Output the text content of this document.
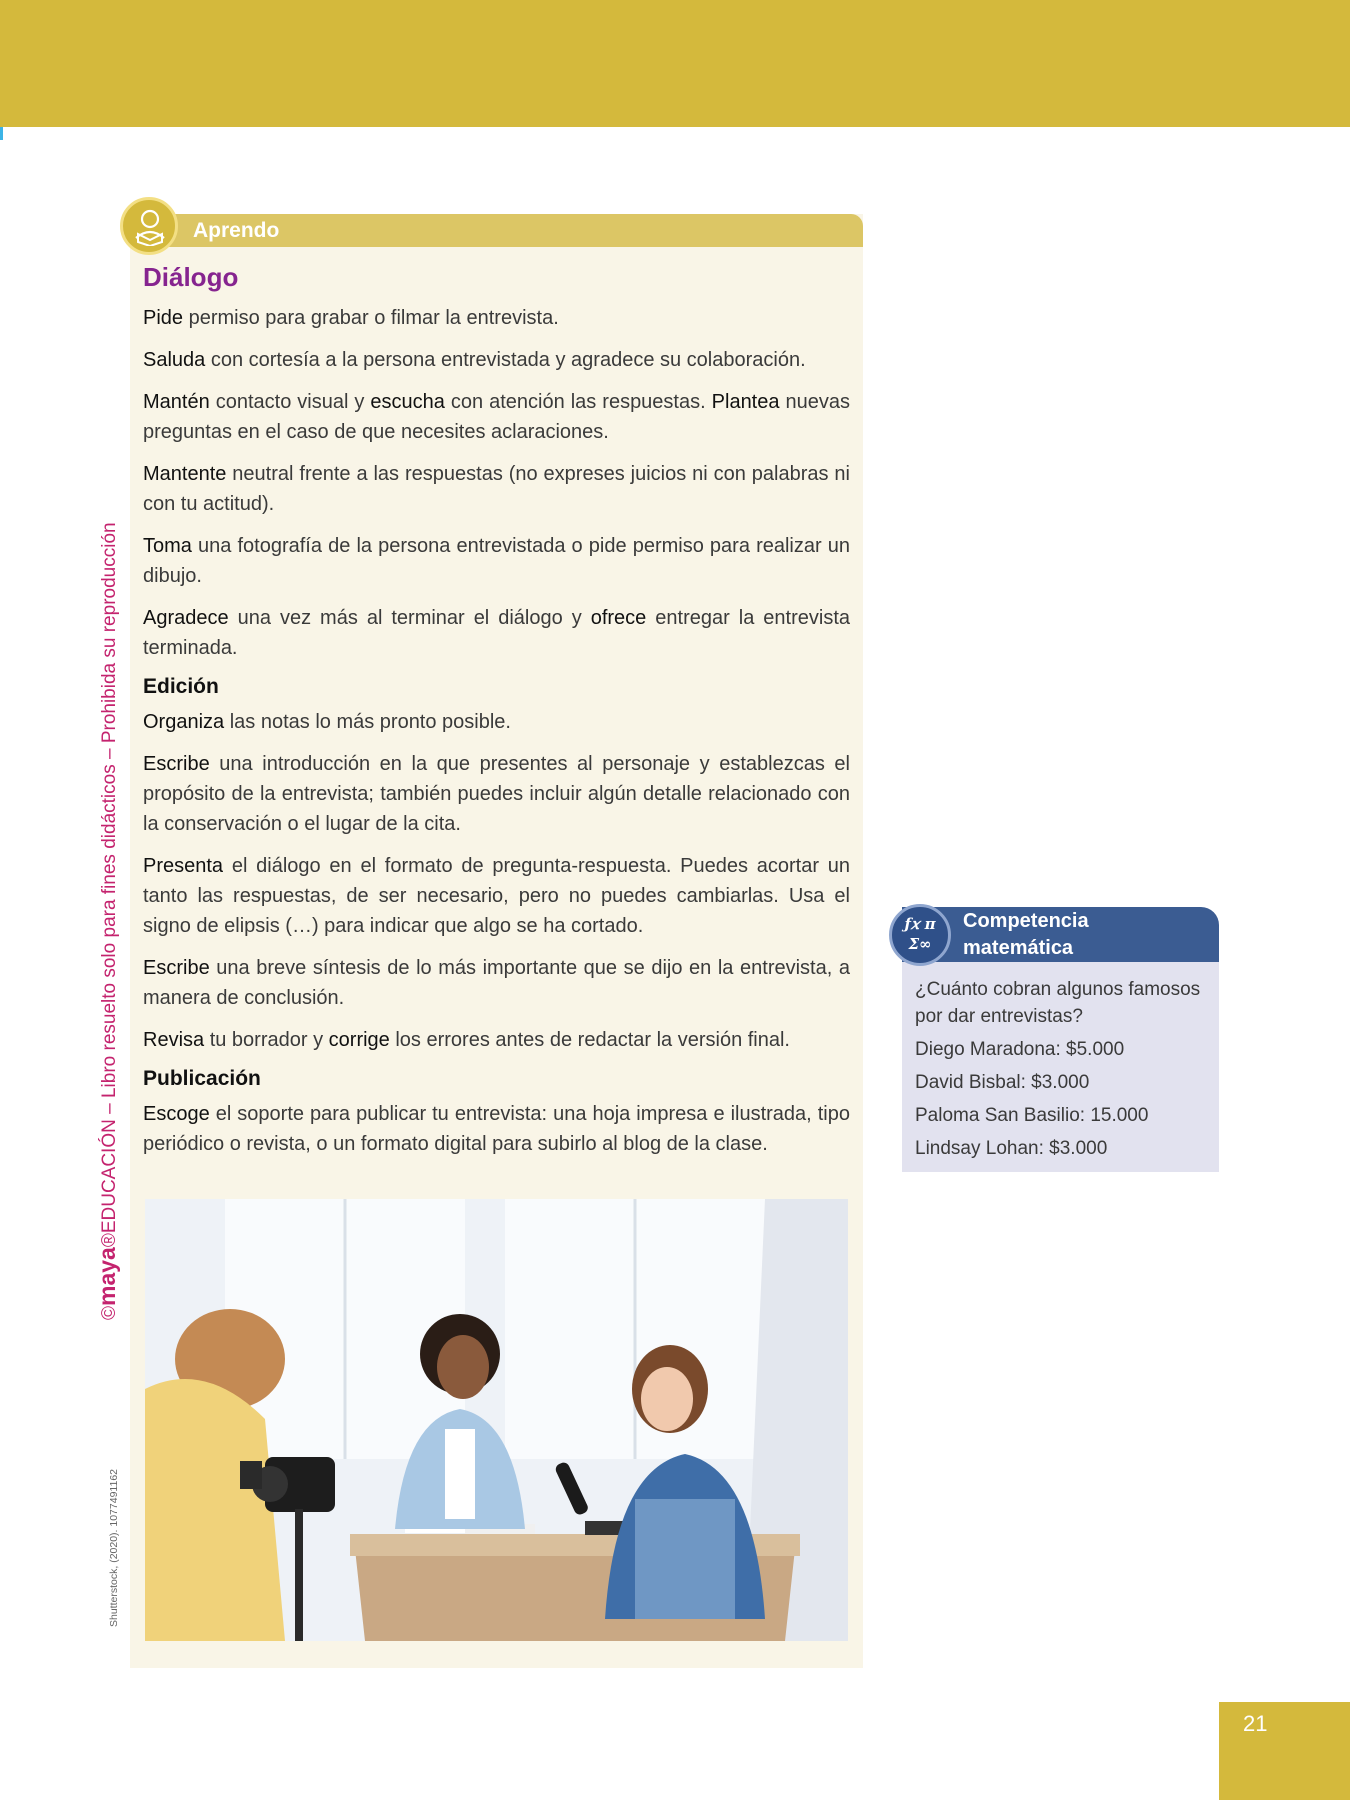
©maya®EDUCACIÓN – Libro resuelto solo para fines didácticos – Prohibida su reproducción
Shutterstock, (2020). 1077491162
Aprendo
Diálogo

Pide permiso para grabar o filmar la entrevista.

Saluda con cortesía a la persona entrevistada y agradece su colaboración.

Mantén contacto visual y escucha con atención las respuestas. Plantea nuevas preguntas en el caso de que necesites aclaraciones.

Mantente neutral frente a las respuestas (no expreses juicios ni con palabras ni con tu actitud).

Toma una fotografía de la persona entrevistada o pide permiso para realizar un dibujo.

Agradece una vez más al terminar el diálogo y ofrece entregar la entrevista terminada.

Edición

Organiza las notas lo más pronto posible.

Escribe una introducción en la que presentes al personaje y establezcas el propósito de la entrevista; también puedes incluir algún detalle relacionado con la conservación o el lugar de la cita.

Presenta el diálogo en el formato de pregunta-respuesta. Puedes acortar un tanto las respuestas, de ser necesario, pero no puedes cambiarlas. Usa el signo de elipsis (…) para indicar que algo se ha cortado.

Escribe una breve síntesis de lo más importante que se dijo en la entrevista, a manera de conclusión.

Revisa tu borrador y corrige los errores antes de redactar la versión final.

Publicación

Escoge el soporte para publicar tu entrevista: una hoja impresa e ilustrada, tipo periódico o revista, o un formato digital para subirlo al blog de la clase.

ƒ𝑥 π
Σ∞
Competencia matemática

¿Cuánto cobran algunos famosos por dar entrevistas?

Diego Maradona: $5.000

David Bisbal: $3.000

Paloma San Basilio: 15.000

Lindsay Lohan: $3.000

21
